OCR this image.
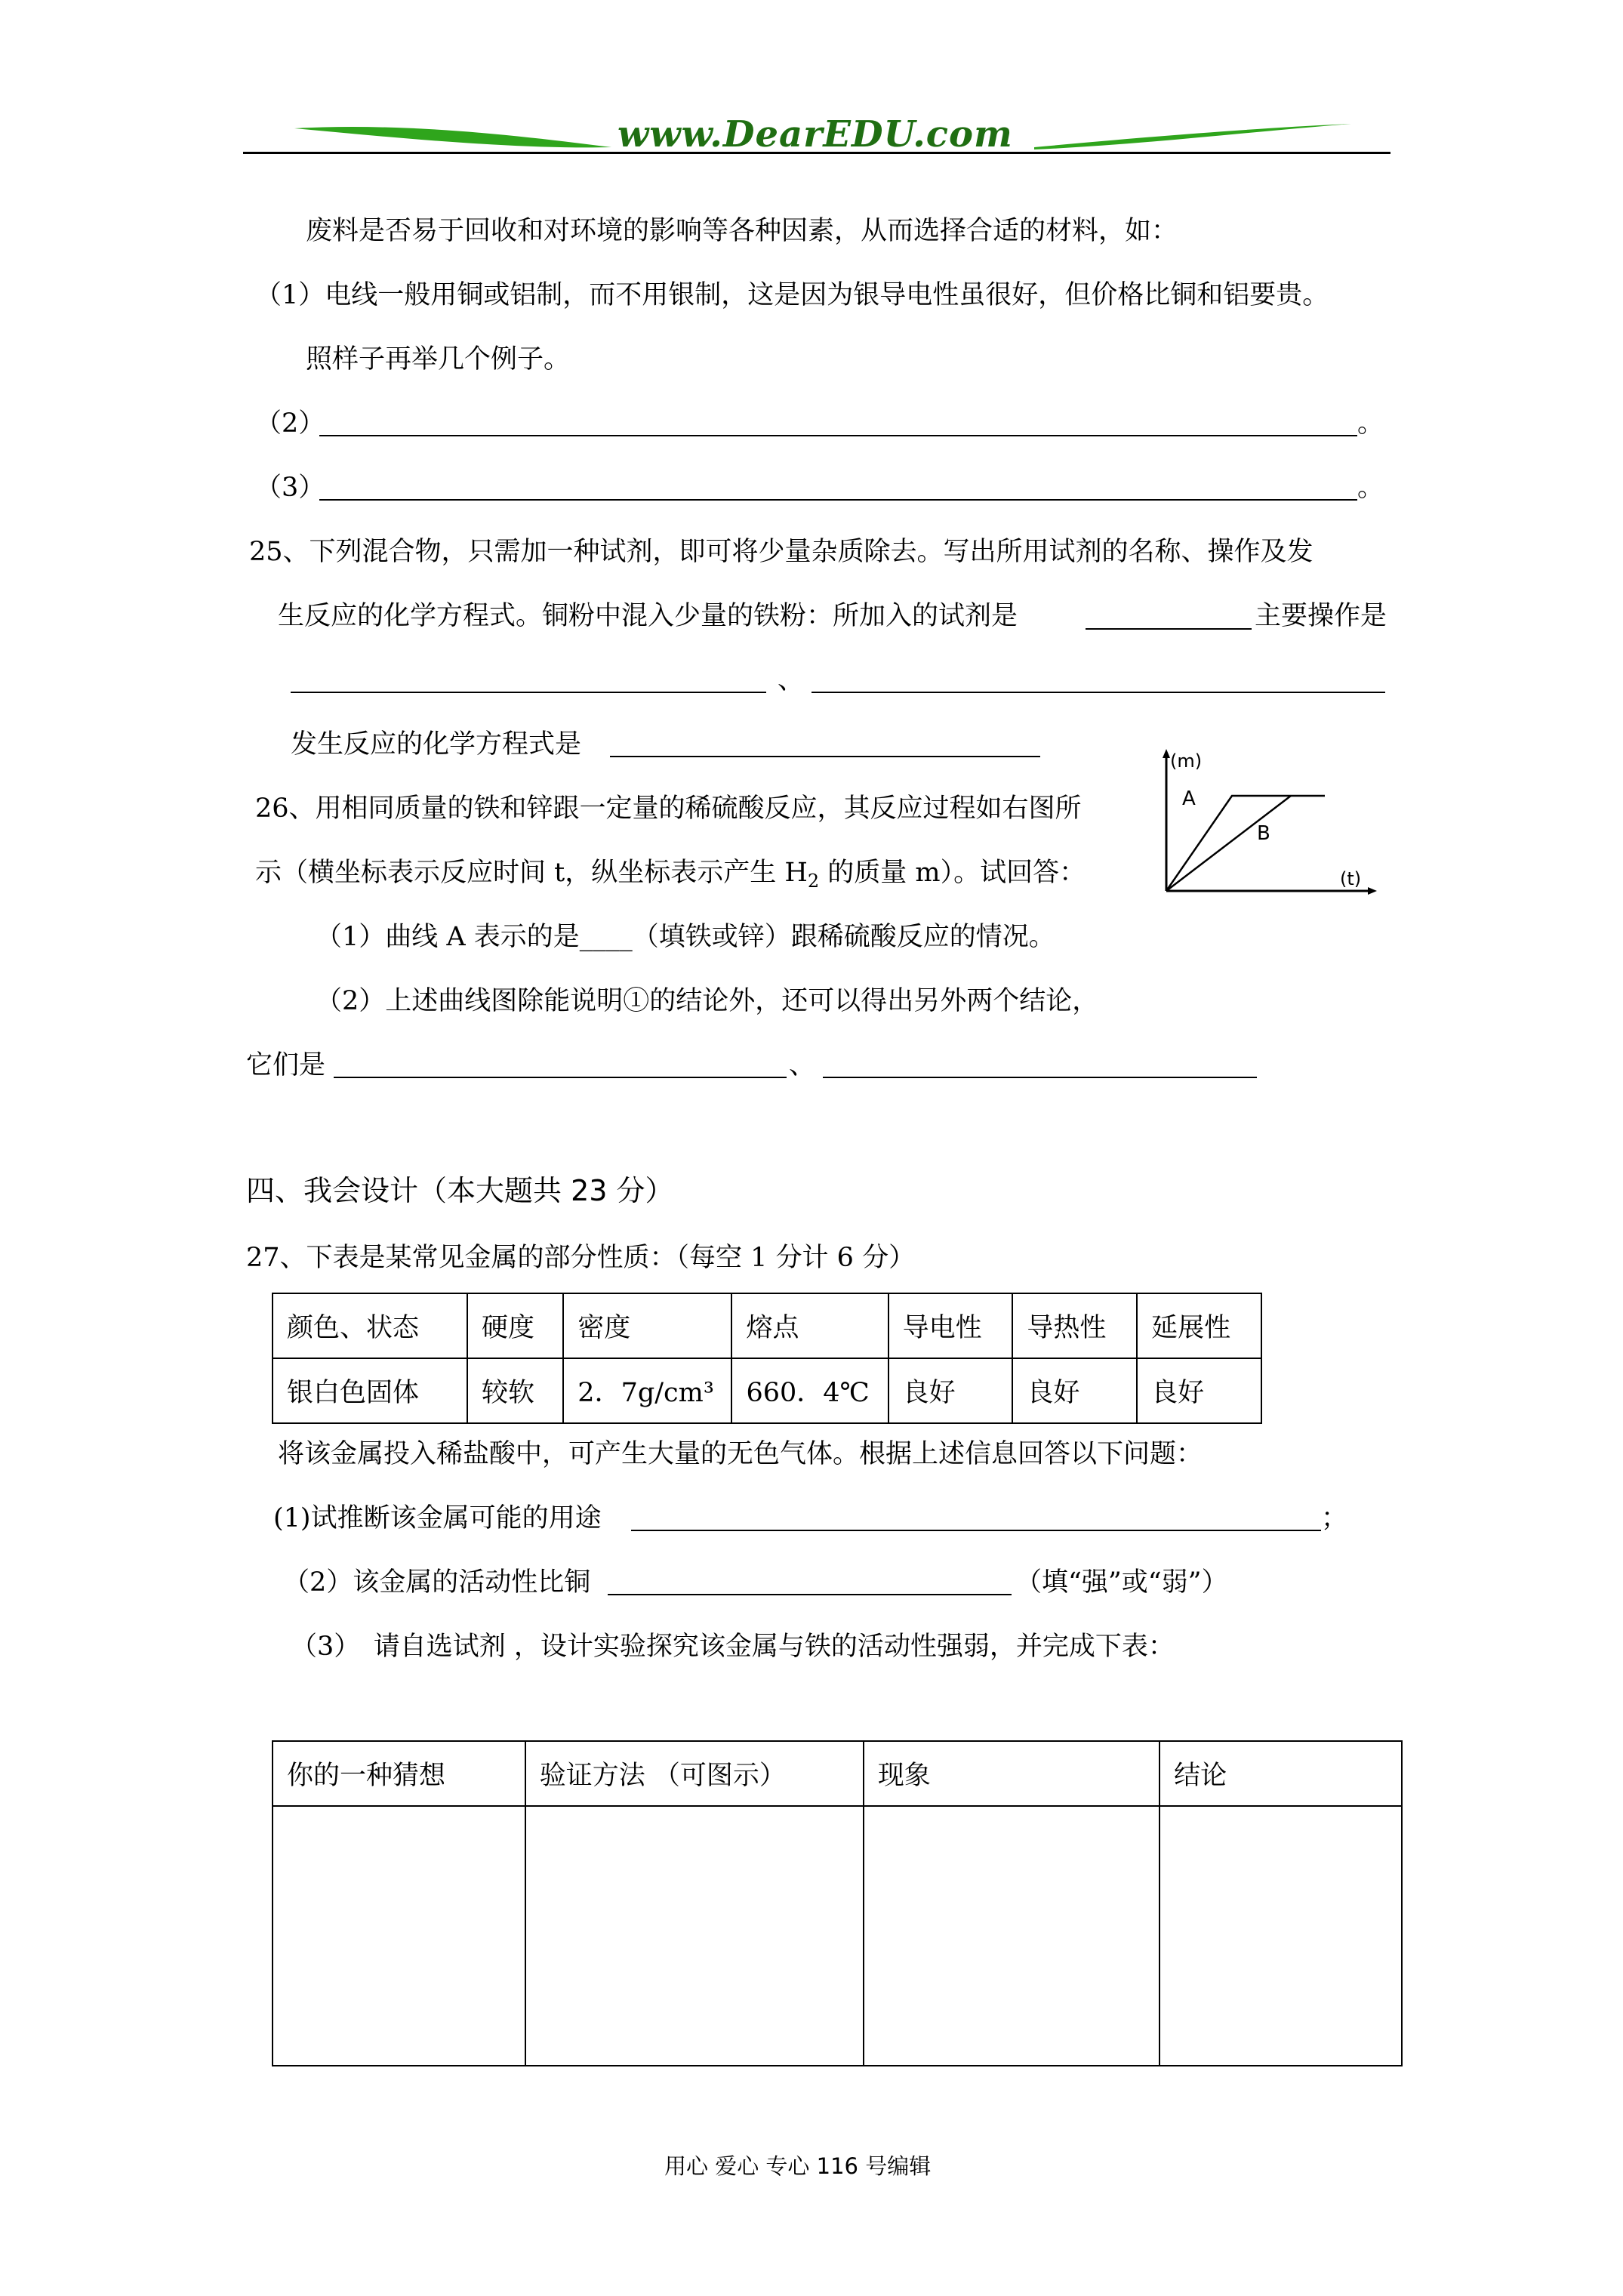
www.DearEDU.com
废料是否易于回收和对环境的影响等各种因素，从而选择合适的材料，如：
（1）电线一般用铜或铝制，而不用银制，这是因为银导电性虽很好，但价格比铜和铝要贵。
照样子再举几个例子。
（2）	。
（3）	。
25、下列混合物，只需加一种试剂，即可将少量杂质除去。写出所用试剂的名称、操作及发
生反应的化学方程式。铜粉中混入少量的铁粉：所加入的试剂是	主要操作是
、
发生反应的化学方程式是
26、用相同质量的铁和锌跟一定量的稀硫酸反应，其反应过程如右图所
示（横坐标表示反应时间 t，纵坐标表示产生 $H_2$ 的质量 m）。试回答：
(m)
(t)
A
B
（1）曲线 A 表示的是____（填铁或锌）跟稀硫酸反应的情况。
（2）上述曲线图除能说明①的结论外，还可以得出另外两个结论，
它们是	、
四、我会设计（本大题共 23 分）
27、下表是某常见金属的部分性质：（每空 1 分计 6 分）
颜色、状态	硬度	密度	熔点	导电性	导热性	延展性
银白色固体	较软	2．7g/cm³	660．4℃	良好	良好	良好
将该金属投入稀盐酸中，可产生大量的无色气体。根据上述信息回答以下问题：
(1)试推断该金属可能的用途	；
（2）该金属的活动性比铜	（填“强”或“弱”）
（3）　请自选试剂 ，设计实验探究该金属与铁的活动性强弱，并完成下表：
你的一种猜想	验证方法 （可图示）	现象	结论

用心 爱心 专心 116 号编辑
